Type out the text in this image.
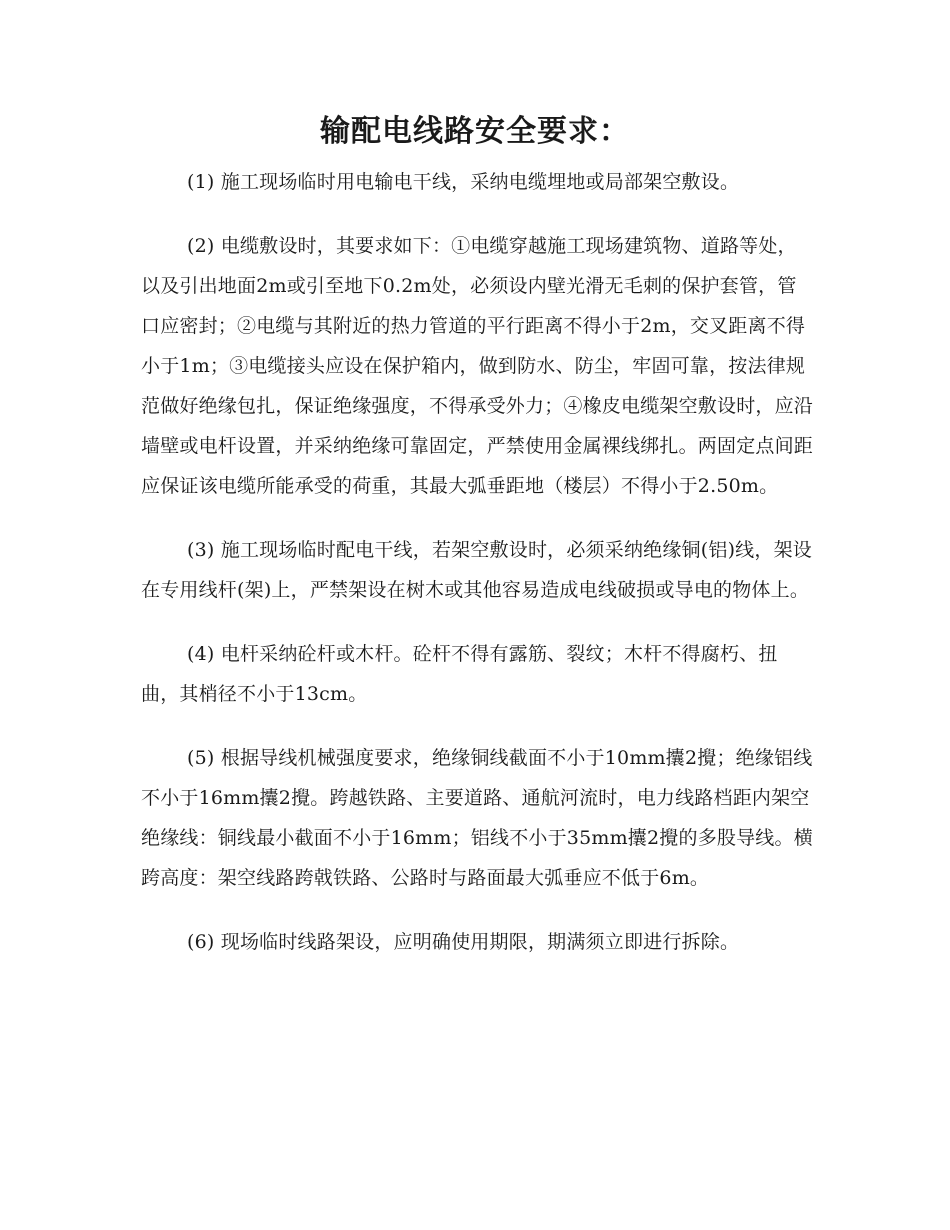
输配电线路安全要求：

(1) 施工现场临时用电输电干线，采纳电缆埋地或局部架空敷设。

(2) 电缆敷设时，其要求如下：①电缆穿越施工现场建筑物、道路等处，以及引出地面2m或引至地下0.2m处，必须设内壁光滑无毛刺的保护套管，管口应密封；②电缆与其附近的热力管道的平行距离不得小于2m，交叉距离不得小于1m；③电缆接头应设在保护箱内，做到防水、防尘，牢固可靠，按法律规范做好绝缘包扎，保证绝缘强度，不得承受外力；④橡皮电缆架空敷设时，应沿墙壁或电杆设置，并采纳绝缘可靠固定，严禁使用金属裸线绑扎。两固定点间距应保证该电缆所能承受的荷重，其最大弧垂距地（楼层）不得小于2.50m。

(3) 施工现场临时配电干线，若架空敷设时，必须采纳绝缘铜(铝)线，架设在专用线杆(架)上，严禁架设在树木或其他容易造成电线破损或导电的物体上。

(4) 电杆采纳砼杆或木杆。砼杆不得有露筋、裂纹；木杆不得腐朽、扭曲，其梢径不小于13cm。

(5) 根据导线机械强度要求，绝缘铜线截面不小于10mm攮2攪；绝缘铝线不小于16mm攮2攪。跨越铁路、主要道路、通航河流时，电力线路档距内架空绝缘线：铜线最小截面不小于16mm；铝线不小于35mm攮2攪的多股导线。横跨高度：架空线路跨戟铁路、公路时与路面最大弧垂应不低于6m。

(6) 现场临时线路架设，应明确使用期限，期满须立即进行拆除。
